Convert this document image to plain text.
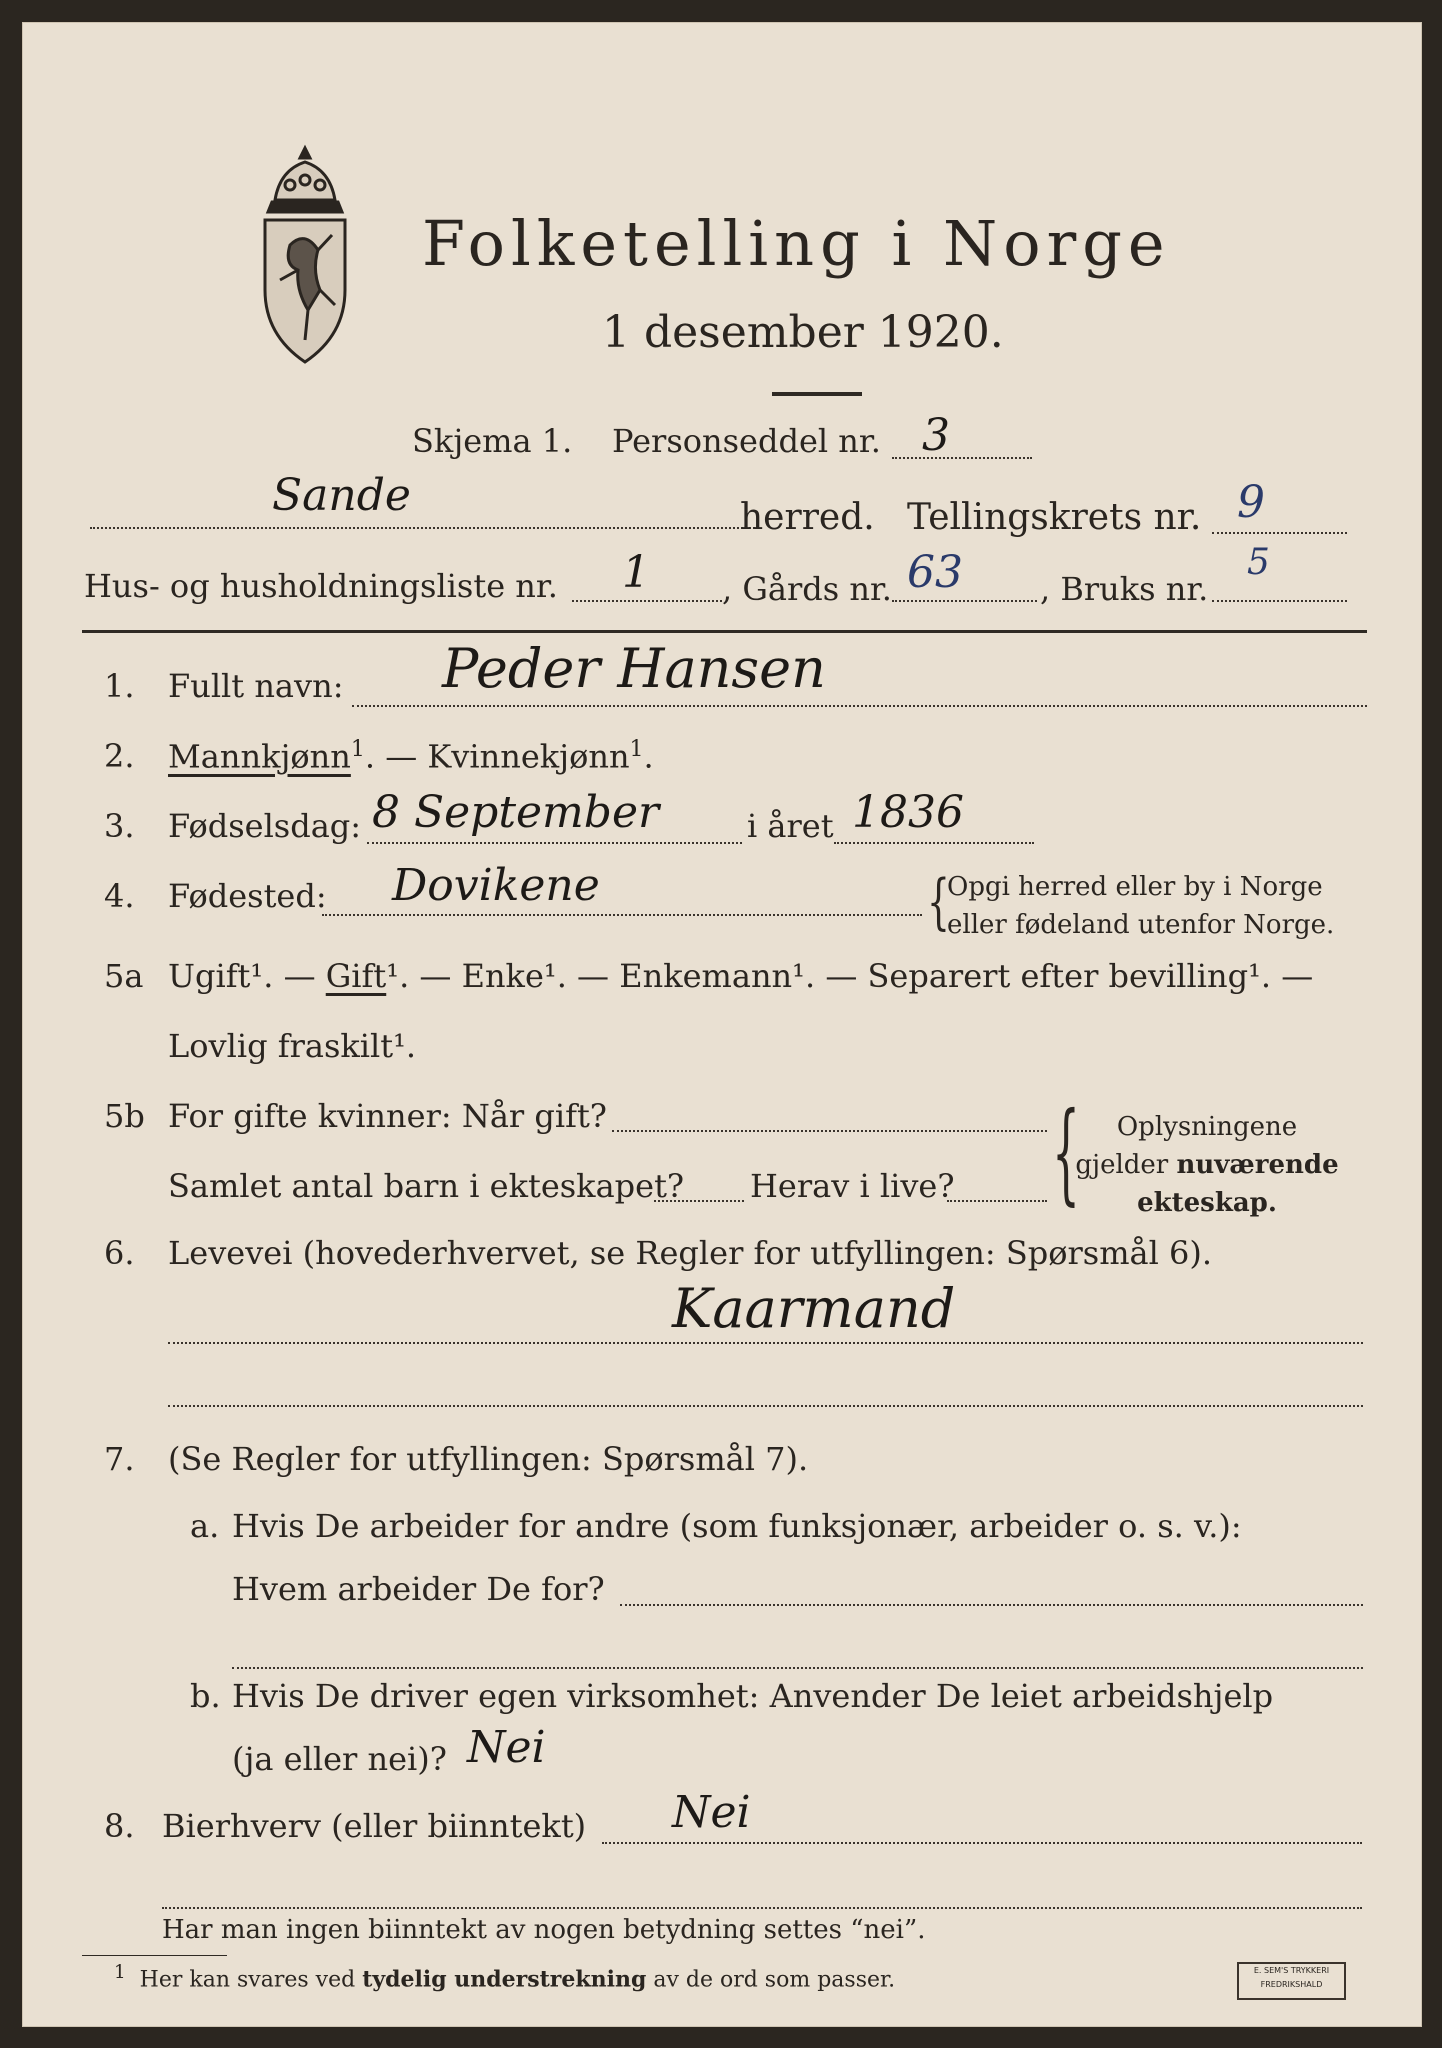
Folketelling i Norge
1 desember 1920.
Skjema 1. Personseddel nr. 3
Sande	herred. Tellingskrets nr. 9
Hus- og husholdningsliste nr. 1 , Gårds nr. 63 , Bruks nr.
5
1. Fullt navn: Peder Hansen
2. Mannkjønn$^1$. — Kvinnekjønn$^1$.
3. Fødselsdag: 8 September	i året 1836
4. Fødested: Dovikene	{
Opgi herred eller by i Norge
eller fødeland utenfor Norge.
5a Ugift¹. — Gift¹. — Enke¹. — Enkemann¹. — Separert efter bevilling¹. —
Lovlig fraskilt¹.
5b For gifte kvinner: Når gift?
Samlet antal barn i ekteskapet? Herav i live? {	Oplysningene
gjelder nuværende
ekteskap.
6. Levevei (hovederhvervet, se Regler for utfyllingen: Spørsmål 6).
Kaarmand
7. (Se Regler for utfyllingen: Spørsmål 7).
a. Hvis De arbeider for andre (som funksjonær, arbeider o. s. v.):
Hvem arbeider De for?
b. Hvis De driver egen virksomhet: Anvender De leiet arbeidshjelp
(ja eller nei)? Nei
8. Bierhverv (eller biinntekt) Nei
Har man ingen biinntekt av nogen betydning settes “nei”.
$^1$ Her kan svares ved tydelig understrekning av de ord som passer.	E. SEM'S TRYKKERI
FREDRIKSHALD
